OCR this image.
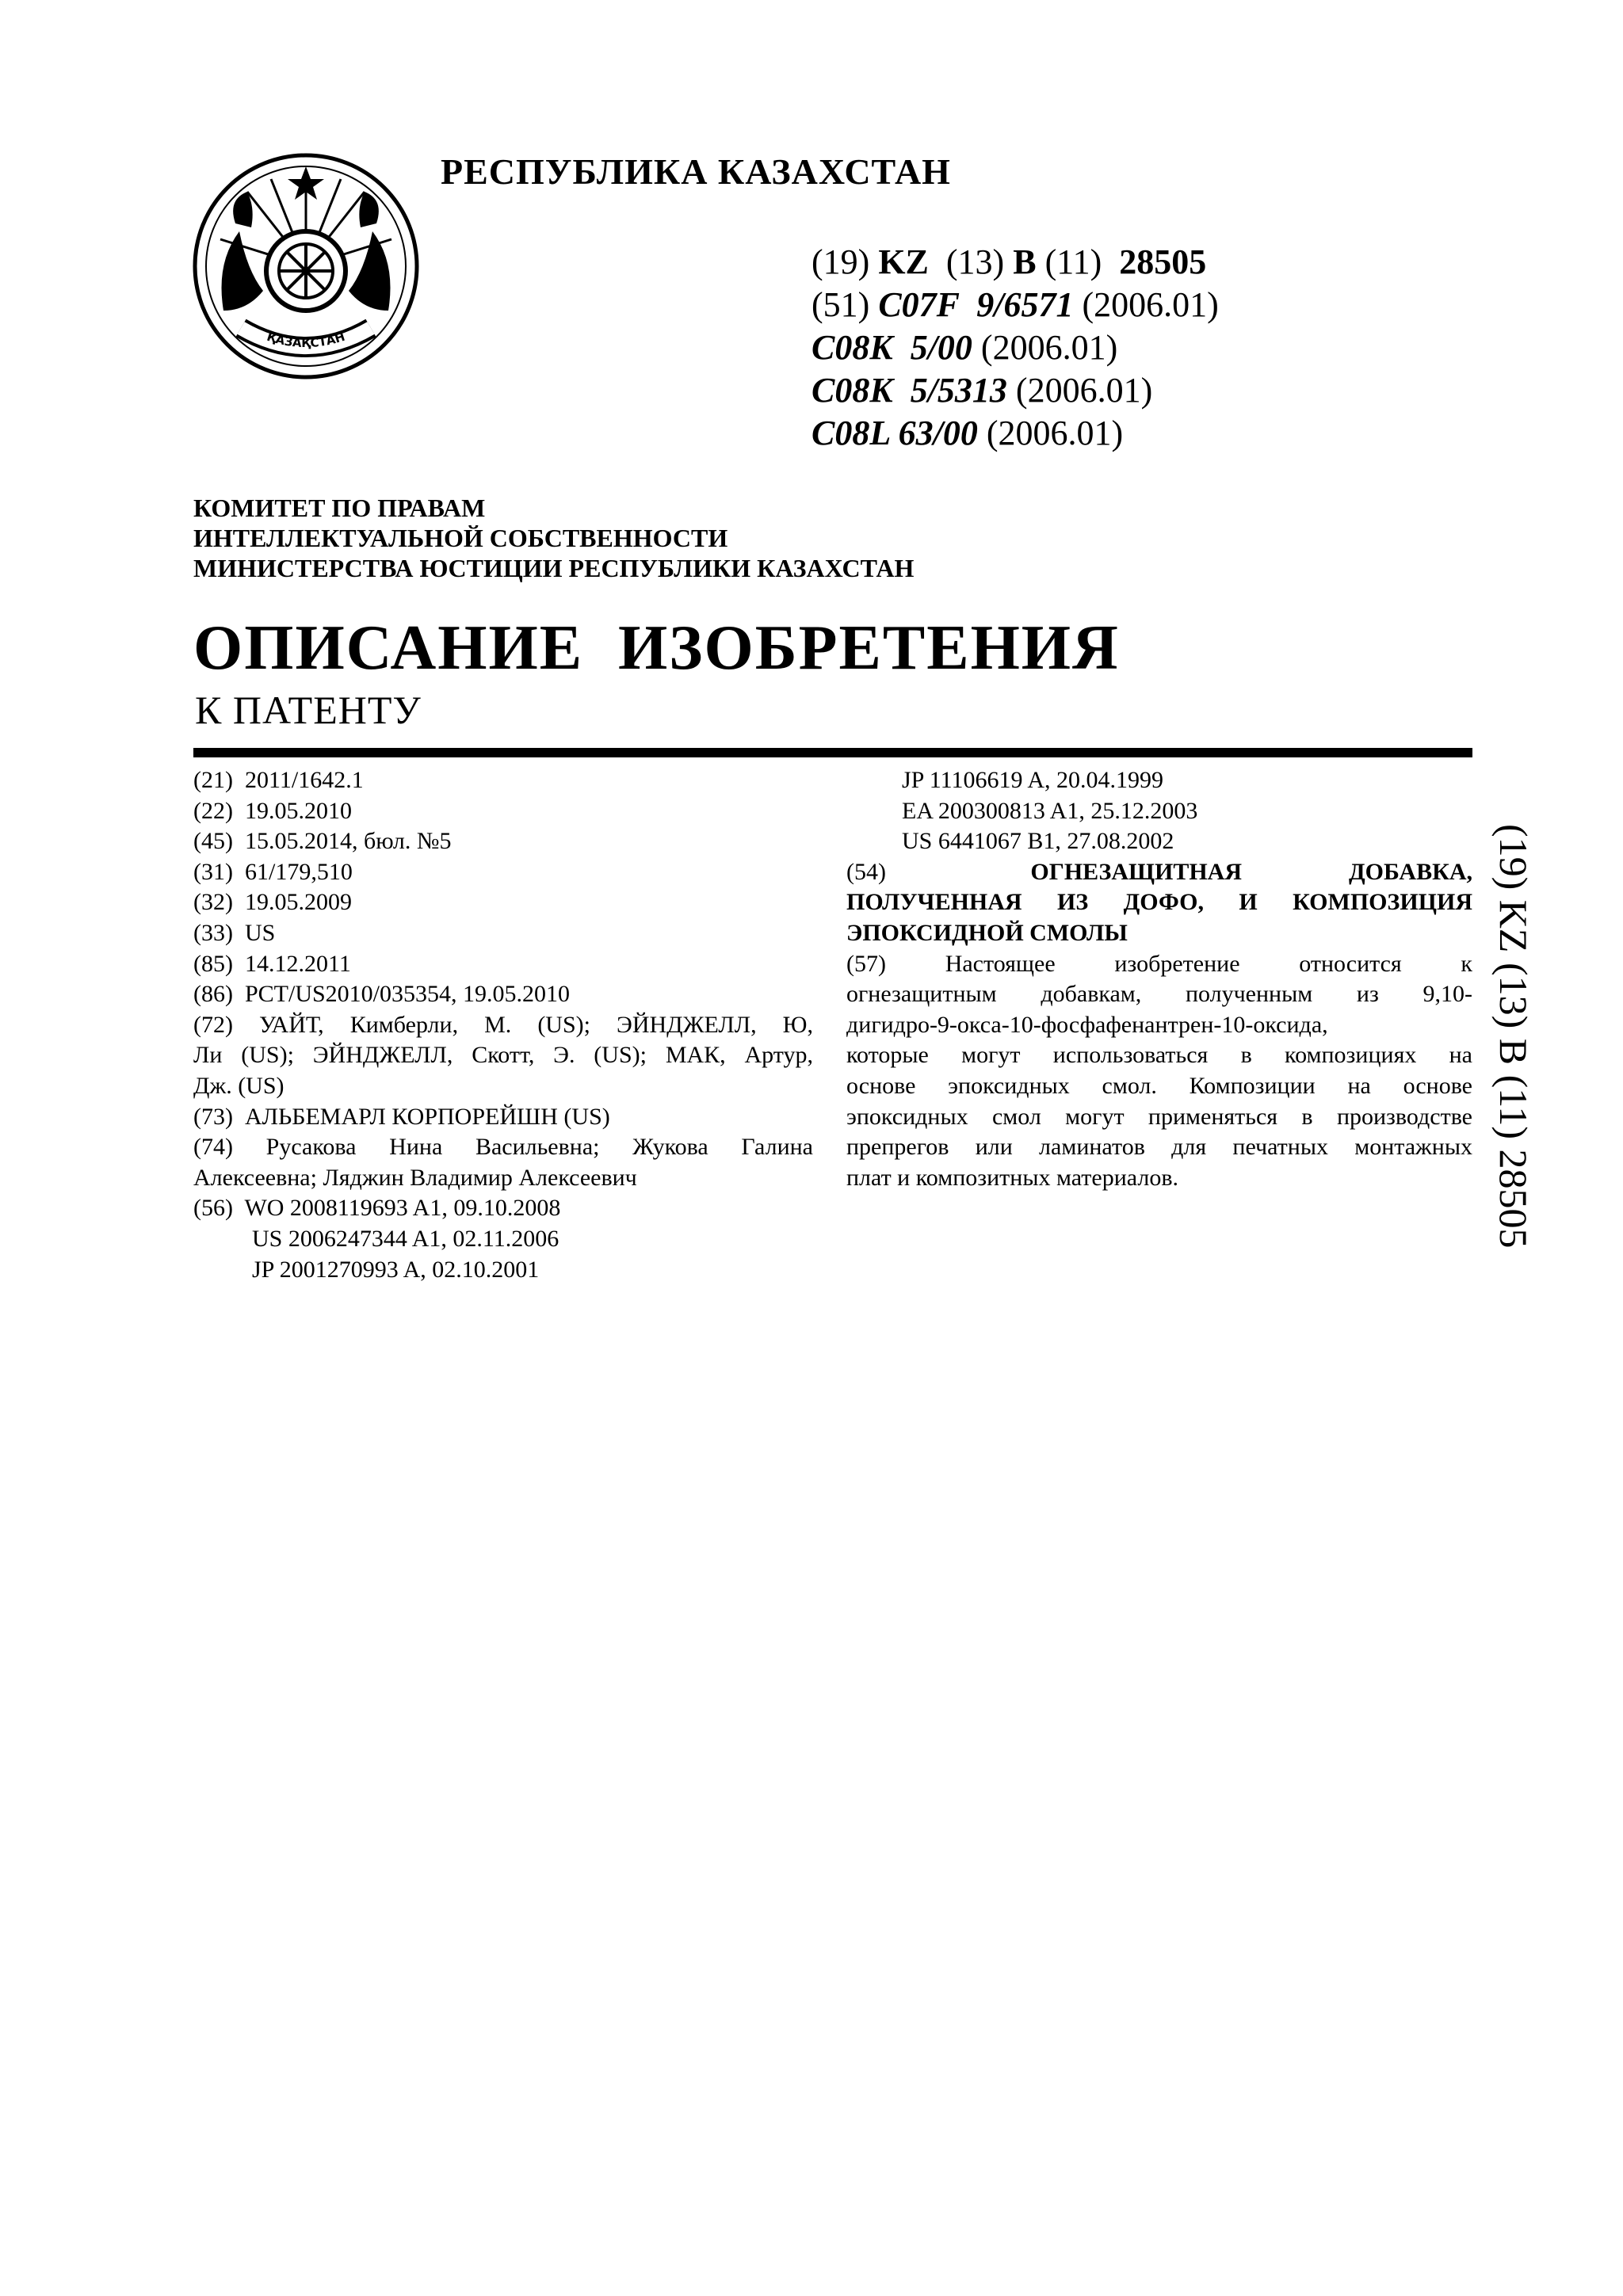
ҚАЗАҚСТАН
РЕСПУБЛИКА КАЗАХСТАН
(19) KZ (13) B (11) 28505
(51) C07F  9/6571 (2006.01)
C08K  5/00 (2006.01)
C08K  5/5313 (2006.01)
C08L 63/00 (2006.01)
КОМИТЕТ ПО ПРАВАМ
ИНТЕЛЛЕКТУАЛЬНОЙ СОБСТВЕННОСТИ
МИНИСТЕРСТВА ЮСТИЦИИ РЕСПУБЛИКИ КАЗАХСТАН
ОПИСАНИЕ  ИЗОБРЕТЕНИЯ
К ПАТЕНТУ
(21)  2011/1642.1
(22)  19.05.2010
(45)  15.05.2014, бюл. №5
(31)  61/179,510
(32)  19.05.2009
(33)  US
(85)  14.12.2011
(86)  PCT/US2010/035354, 19.05.2010
(72) УАЙТ, Кимберли, М. (US); ЭЙНДЖЕЛЛ, Ю,
Ли (US); ЭЙНДЖЕЛЛ, Скотт, Э. (US); МАК, Артур,
Дж. (US)
(73)  АЛЬБЕМАРЛ КОРПОРЕЙШН (US)
(74) Русакова Нина Васильевна; Жукова Галина
Алексеевна; Ляджин Владимир Алексеевич
(56)  WO 2008119693 A1, 09.10.2008
US 2006247344 A1, 02.11.2006
JP 2001270993 A, 02.10.2001
JP 11106619 A, 20.04.1999
EA 200300813 A1, 25.12.2003
US 6441067 B1, 27.08.2002
(54)	ОГНЕЗАЩИТНАЯ  ДОБАВКА,
ПОЛУЧЕННАЯ ИЗ ДОФО, И КОМПОЗИЦИЯ
ЭПОКСИДНОЙ СМОЛЫ
(57) Настоящее изобретение относится к
огнезащитным добавкам, полученным из 9,10-
дигидро-9-окса-10-фосфафенантрен-10-оксида,
которые могут использоваться в композициях на
основе эпоксидных смол. Композиции на основе
эпоксидных смол могут применяться в производстве
препрегов или ламинатов для печатных монтажных
плат и композитных материалов.	(19) KZ (13) B (11) 28505
